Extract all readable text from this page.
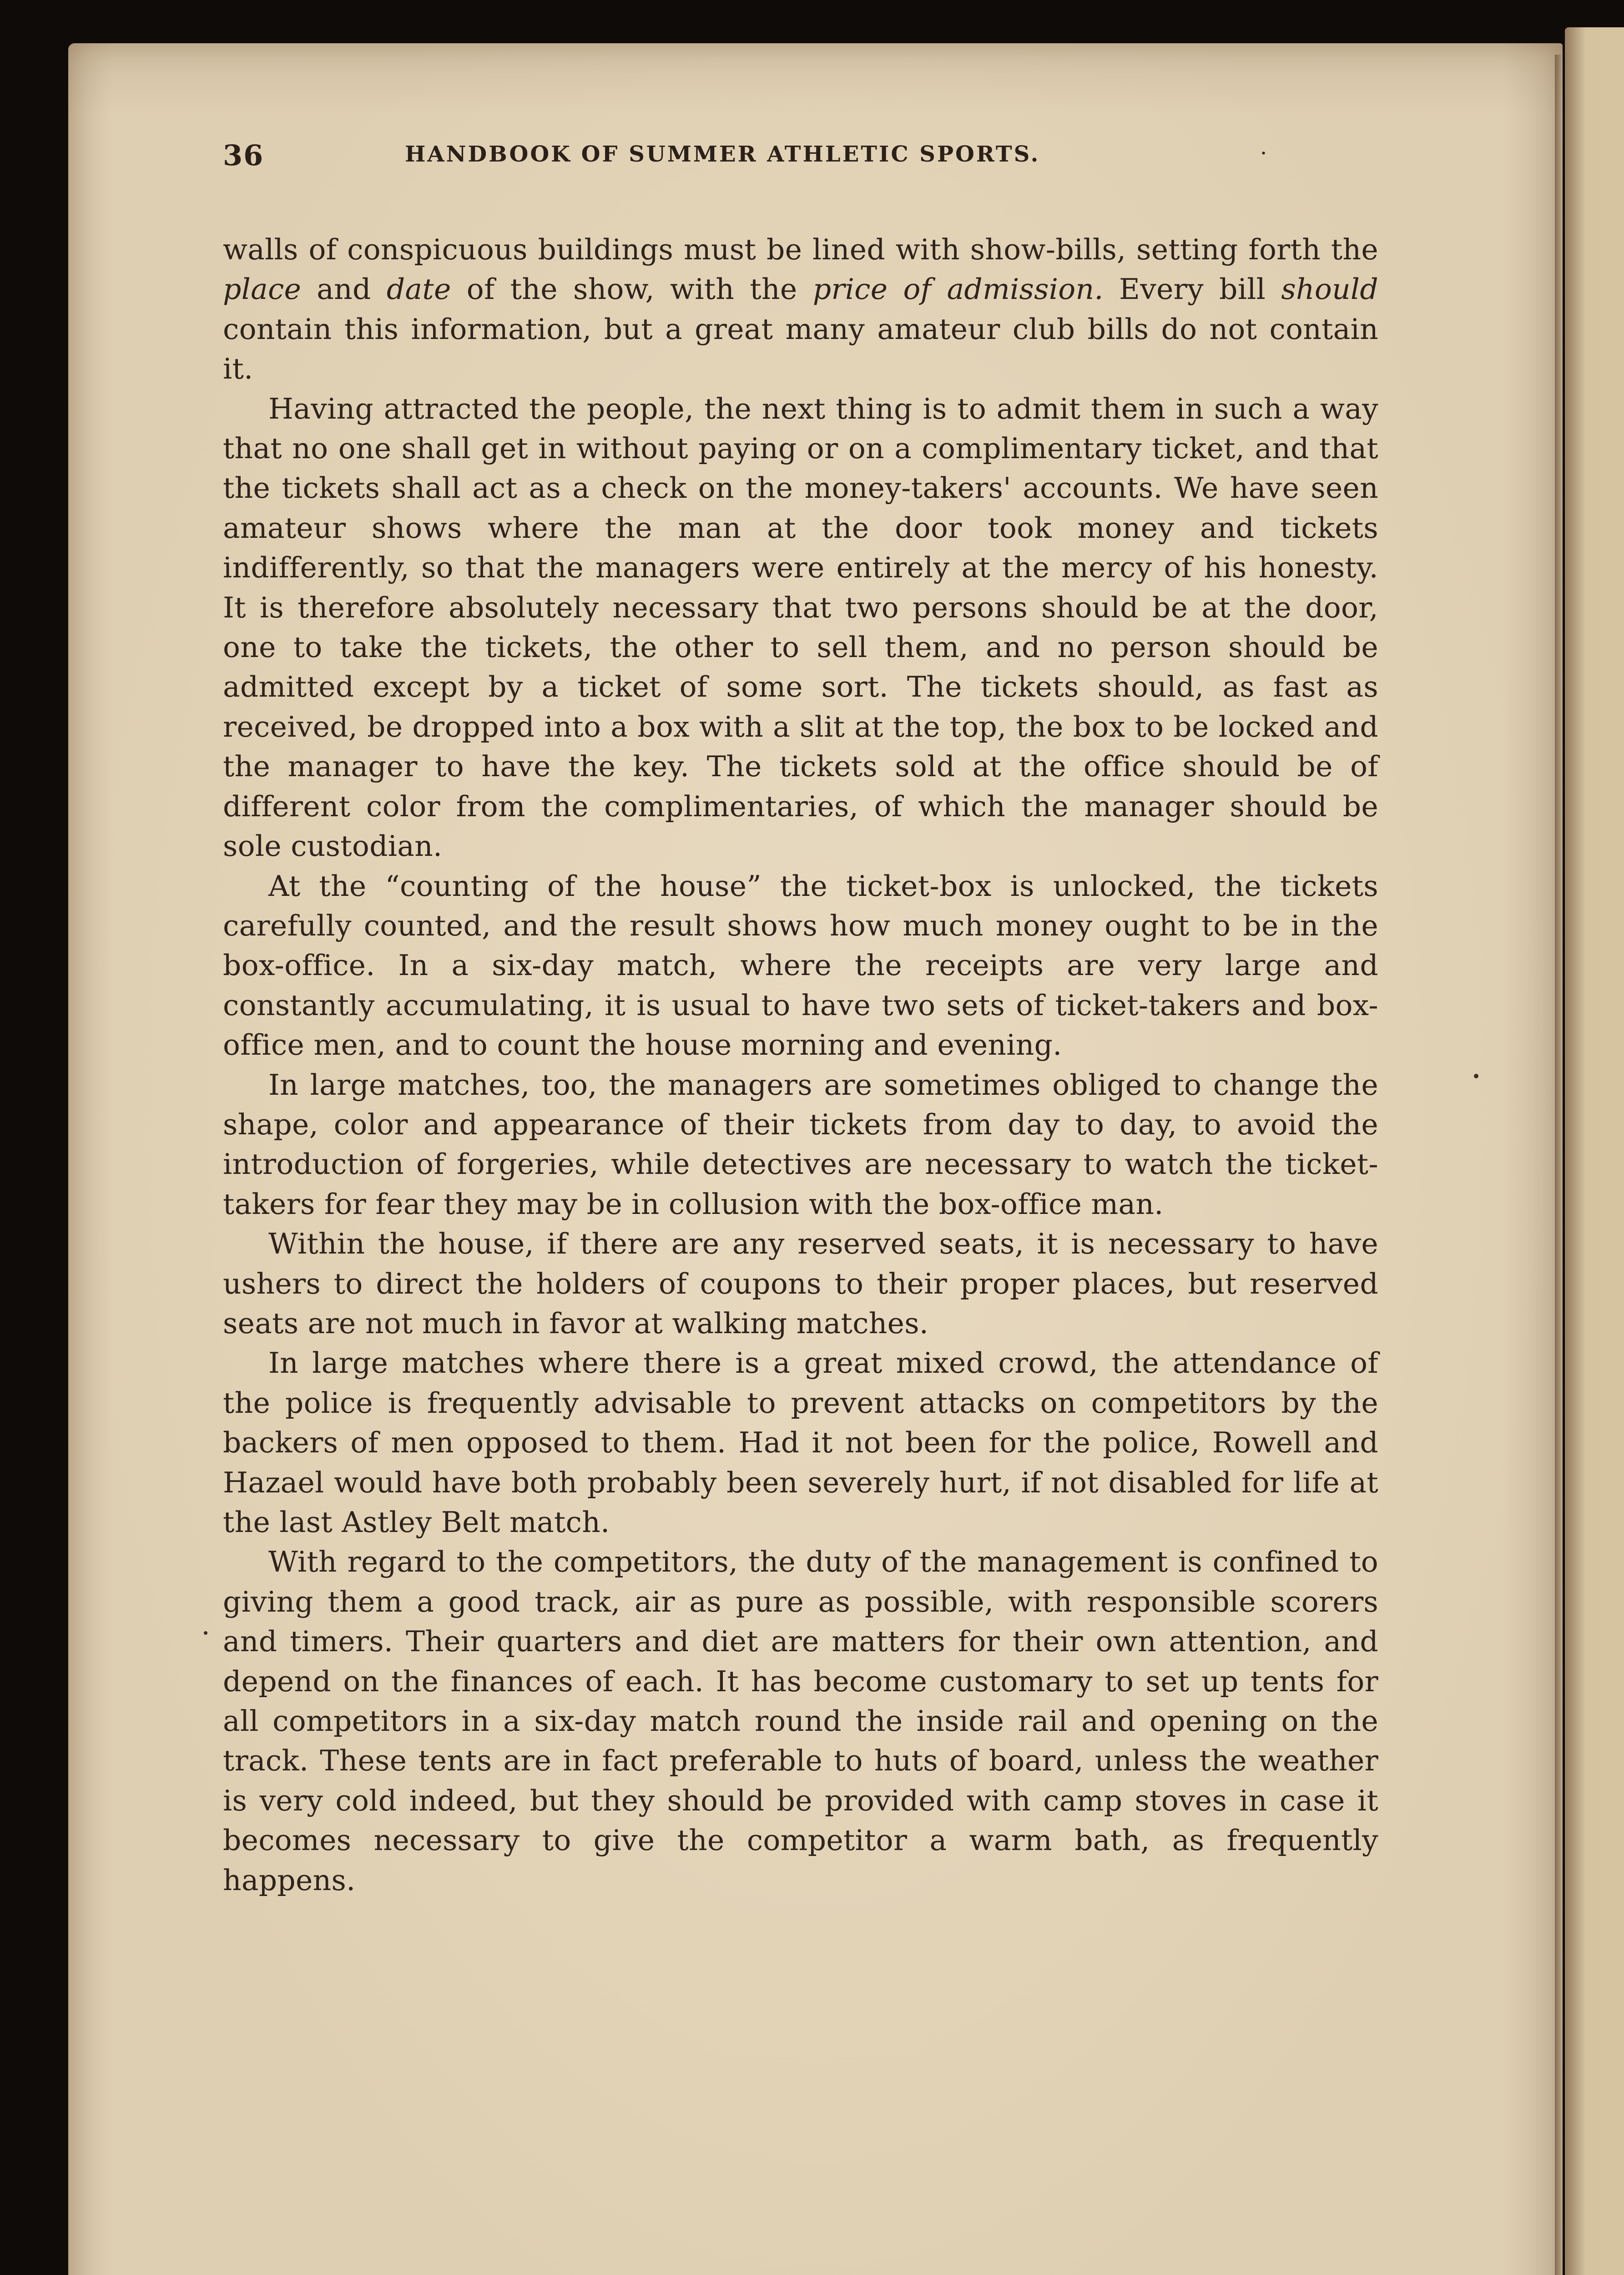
36	HANDBOOK OF SUMMER ATHLETIC SPORTS.	·

walls of conspicuous buildings must be lined with show-bills, setting forth the place and date of the show, with the price of admission. Every bill should contain this information, but a great many amateur club bills do not contain it.

Having attracted the people, the next thing is to admit them in such a way that no one shall get in without paying or on a complimentary ticket, and that the tickets shall act as a check on the money-takers' accounts. We have seen amateur shows where the man at the door took money and tickets indifferently, so that the managers were entirely at the mercy of his honesty. It is therefore absolutely necessary that two persons should be at the door, one to take the tickets, the other to sell them, and no person should be admitted except by a ticket of some sort. The tickets should, as fast as received, be dropped into a box with a slit at the top, the box to be locked and the manager to have the key. The tickets sold at the office should be of different color from the complimentaries, of which the manager should be sole custodian.

At the “counting of the house” the ticket-box is unlocked, the tickets carefully counted, and the result shows how much money ought to be in the box-office. In a six-day match, where the receipts are very large and constantly accumulating, it is usual to have two sets of ticket-takers and box-office men, and to count the house morning and evening.

In large matches, too, the managers are sometimes obliged to change the shape, color and appearance of their tickets from day to day, to avoid the introduction of forgeries, while detectives are necessary to watch the ticket-takers for fear they may be in collusion with the box-office man.

Within the house, if there are any reserved seats, it is necessary to have ushers to direct the holders of coupons to their proper places, but reserved seats are not much in favor at walking matches.

In large matches where there is a great mixed crowd, the attendance of the police is frequently advisable to prevent attacks on competitors by the backers of men opposed to them. Had it not been for the police, Rowell and Hazael would have both probably been severely hurt, if not disabled for life at the last Astley Belt match.

With regard to the competitors, the duty of the management is confined to giving them a good track, air as pure as possible, with responsible scorers and timers. Their quarters and diet are matters for their own attention, and depend on the finances of each. It has become customary to set up tents for all competitors in a six-day match round the inside rail and opening on the track. These tents are in fact preferable to huts of board, unless the weather is very cold indeed, but they should be provided with camp stoves in case it becomes necessary to give the competitor a warm bath, as frequently happens.
